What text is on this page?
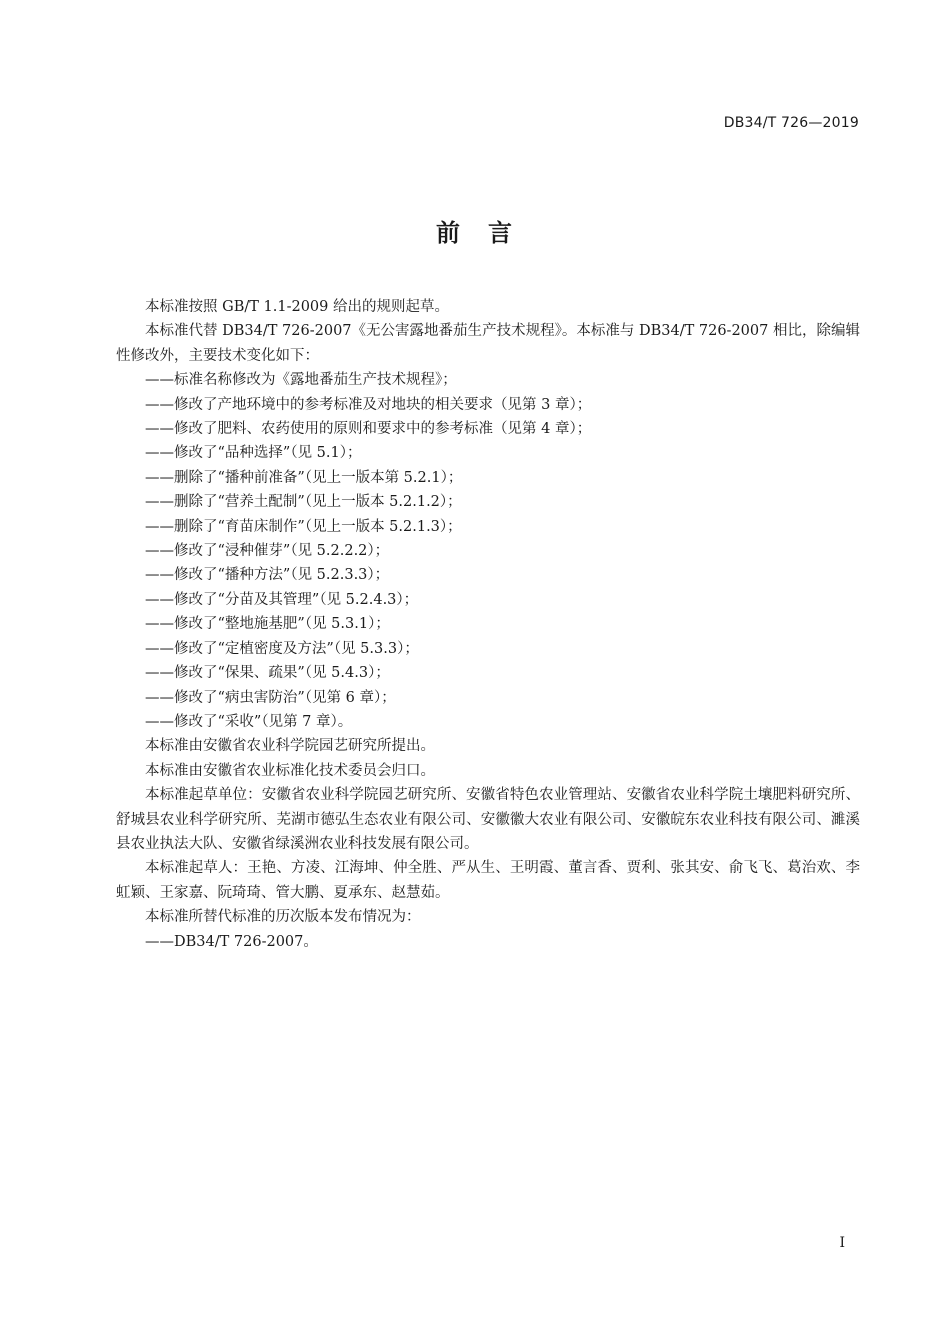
DB34/T 726—2019
前　言

本标准按照 GB/T 1.1-2009 给出的规则起草。

本标准代替 DB34/T 726-2007《无公害露地番茄生产技术规程》。本标准与 DB34/T 726-2007 相比，除编辑性修改外，主要技术变化如下：

——标准名称修改为《露地番茄生产技术规程》；

——修改了产地环境中的参考标准及对地块的相关要求（见第 3 章）；

——修改了肥料、农药使用的原则和要求中的参考标准（见第 4 章）；

——修改了“品种选择”（见 5.1）；

——删除了“播种前准备”（见上一版本第 5.2.1）；

——删除了“营养土配制”（见上一版本 5.2.1.2）；

——删除了“育苗床制作”（见上一版本 5.2.1.3）；

——修改了“浸种催芽”（见 5.2.2.2）；

——修改了“播种方法”（见 5.2.3.3）；

——修改了“分苗及其管理”（见 5.2.4.3）；

——修改了“整地施基肥”（见 5.3.1）；

——修改了“定植密度及方法”（见 5.3.3）；

——修改了“保果、疏果”（见 5.4.3）；

——修改了“病虫害防治”（见第 6 章）；

——修改了“采收”（见第 7 章）。

本标准由安徽省农业科学院园艺研究所提出。

本标准由安徽省农业标准化技术委员会归口。

本标准起草单位：安徽省农业科学院园艺研究所、安徽省特色农业管理站、安徽省农业科学院土壤肥料研究所、舒城县农业科学研究所、芜湖市德弘生态农业有限公司、安徽徽大农业有限公司、安徽皖东农业科技有限公司、濉溪县农业执法大队、安徽省绿溪洲农业科技发展有限公司。

本标准起草人：王艳、方凌、江海坤、仲全胜、严从生、王明霞、董言香、贾利、张其安、俞飞飞、葛治欢、李虹颖、王家嘉、阮琦琦、管大鹏、夏承东、赵慧茹。

本标准所替代标准的历次版本发布情况为：

——DB34/T 726-2007。

I
